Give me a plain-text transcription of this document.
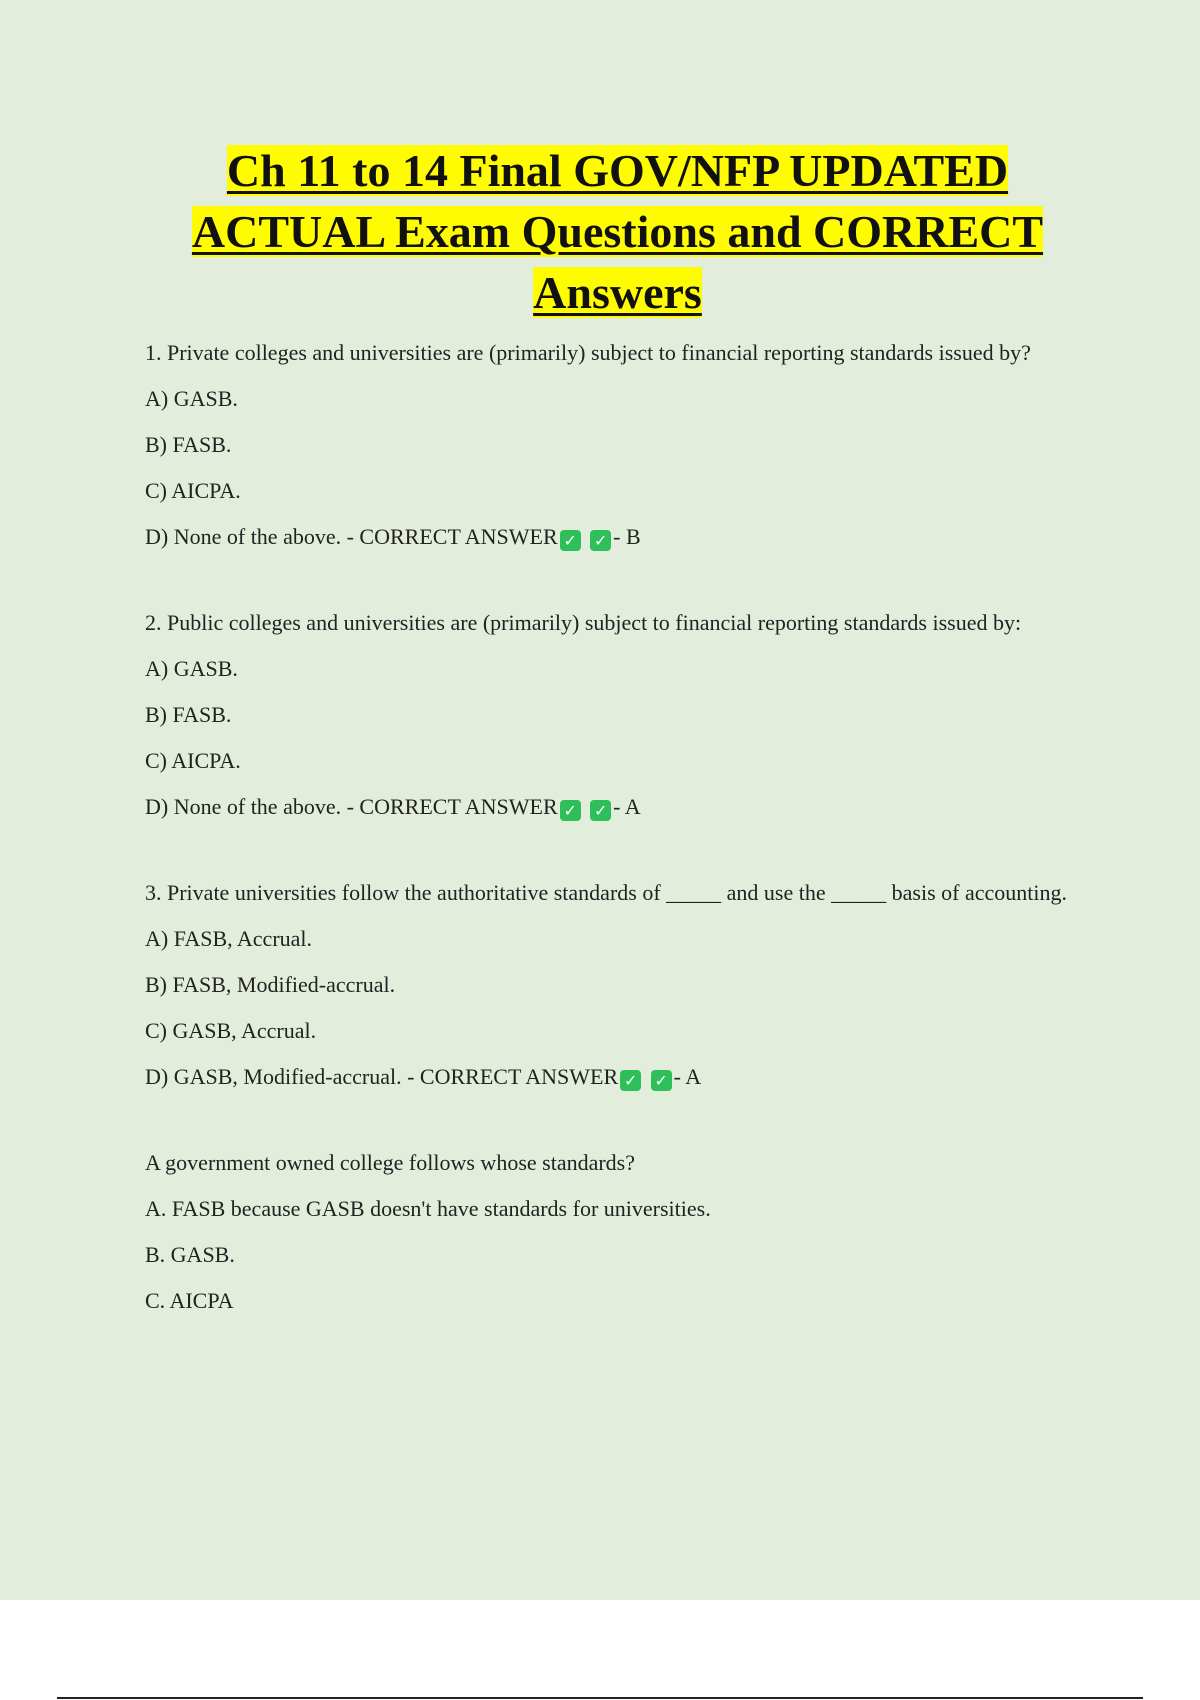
Ch 11 to 14 Final GOV/NFP UPDATED
ACTUAL Exam Questions and CORRECT
Answers

1. Private colleges and universities are (primarily) subject to financial reporting standards issued by?

A) GASB.

B) FASB.

C) AICPA.

D) None of the above. - CORRECT ANSWER ✓ ✓ - B

2. Public colleges and universities are (primarily) subject to financial reporting standards issued by:

A) GASB.

B) FASB.

C) AICPA.

D) None of the above. - CORRECT ANSWER ✓ ✓ - A

3. Private universities follow the authoritative standards of _____ and use the _____ basis of accounting.

A) FASB, Accrual.

B) FASB, Modified-accrual.

C) GASB, Accrual.

D) GASB, Modified-accrual. - CORRECT ANSWER ✓ ✓ - A

A government owned college follows whose standards?

A. FASB because GASB doesn't have standards for universities.

B. GASB.

C. AICPA
